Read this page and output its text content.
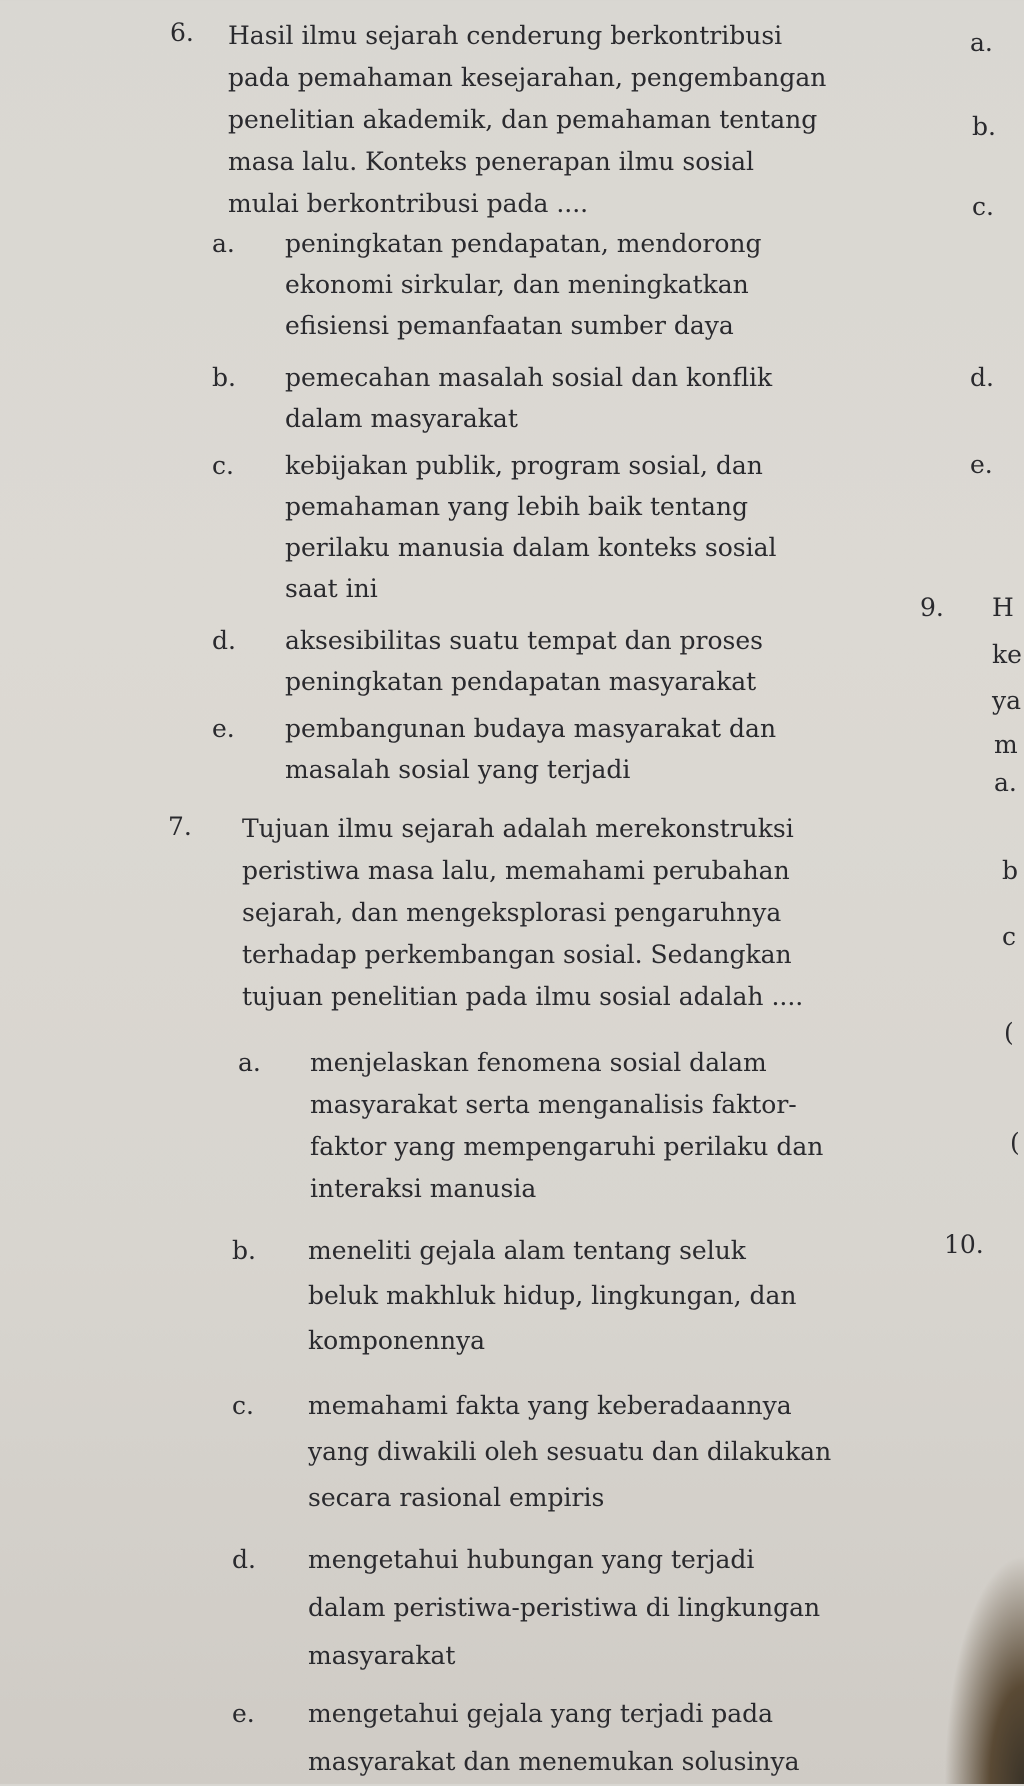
6. Hasil ilmu sejarah cenderung berkontribusi
pada pemahaman kesejarahan, pengembangan
penelitian akademik, dan pemahaman tentang
masa lalu. Konteks penerapan ilmu sosial
mulai berkontribusi pada ....
a. peningkatan pendapatan, mendorong
ekonomi sirkular, dan meningkatkan
efisiensi pemanfaatan sumber daya
b. pemecahan masalah sosial dan konflik
dalam masyarakat
c. kebijakan publik, program sosial, dan
pemahaman yang lebih baik tentang
perilaku manusia dalam konteks sosial
saat ini
d. aksesibilitas suatu tempat dan proses
peningkatan pendapatan masyarakat
e. pembangunan budaya masyarakat dan
masalah sosial yang terjadi
7. Tujuan ilmu sejarah adalah merekonstruksi
peristiwa masa lalu, memahami perubahan
sejarah, dan mengeksplorasi pengaruhnya
terhadap perkembangan sosial. Sedangkan
tujuan penelitian pada ilmu sosial adalah ....
a. menjelaskan fenomena sosial dalam
masyarakat serta menganalisis faktor-
faktor yang mempengaruhi perilaku dan
interaksi manusia
b. meneliti gejala alam tentang seluk
beluk makhluk hidup, lingkungan, dan
komponennya
c. memahami fakta yang keberadaannya
yang diwakili oleh sesuatu dan dilakukan
secara rasional empiris
d. mengetahui hubungan yang terjadi
dalam peristiwa-peristiwa di lingkungan
masyarakat
e. mengetahui gejala yang terjadi pada
masyarakat dan menemukan solusinya
a.
b.
c.
d.
e.
9. H
ke
ya
m
a.
b
c
(
(
10.
